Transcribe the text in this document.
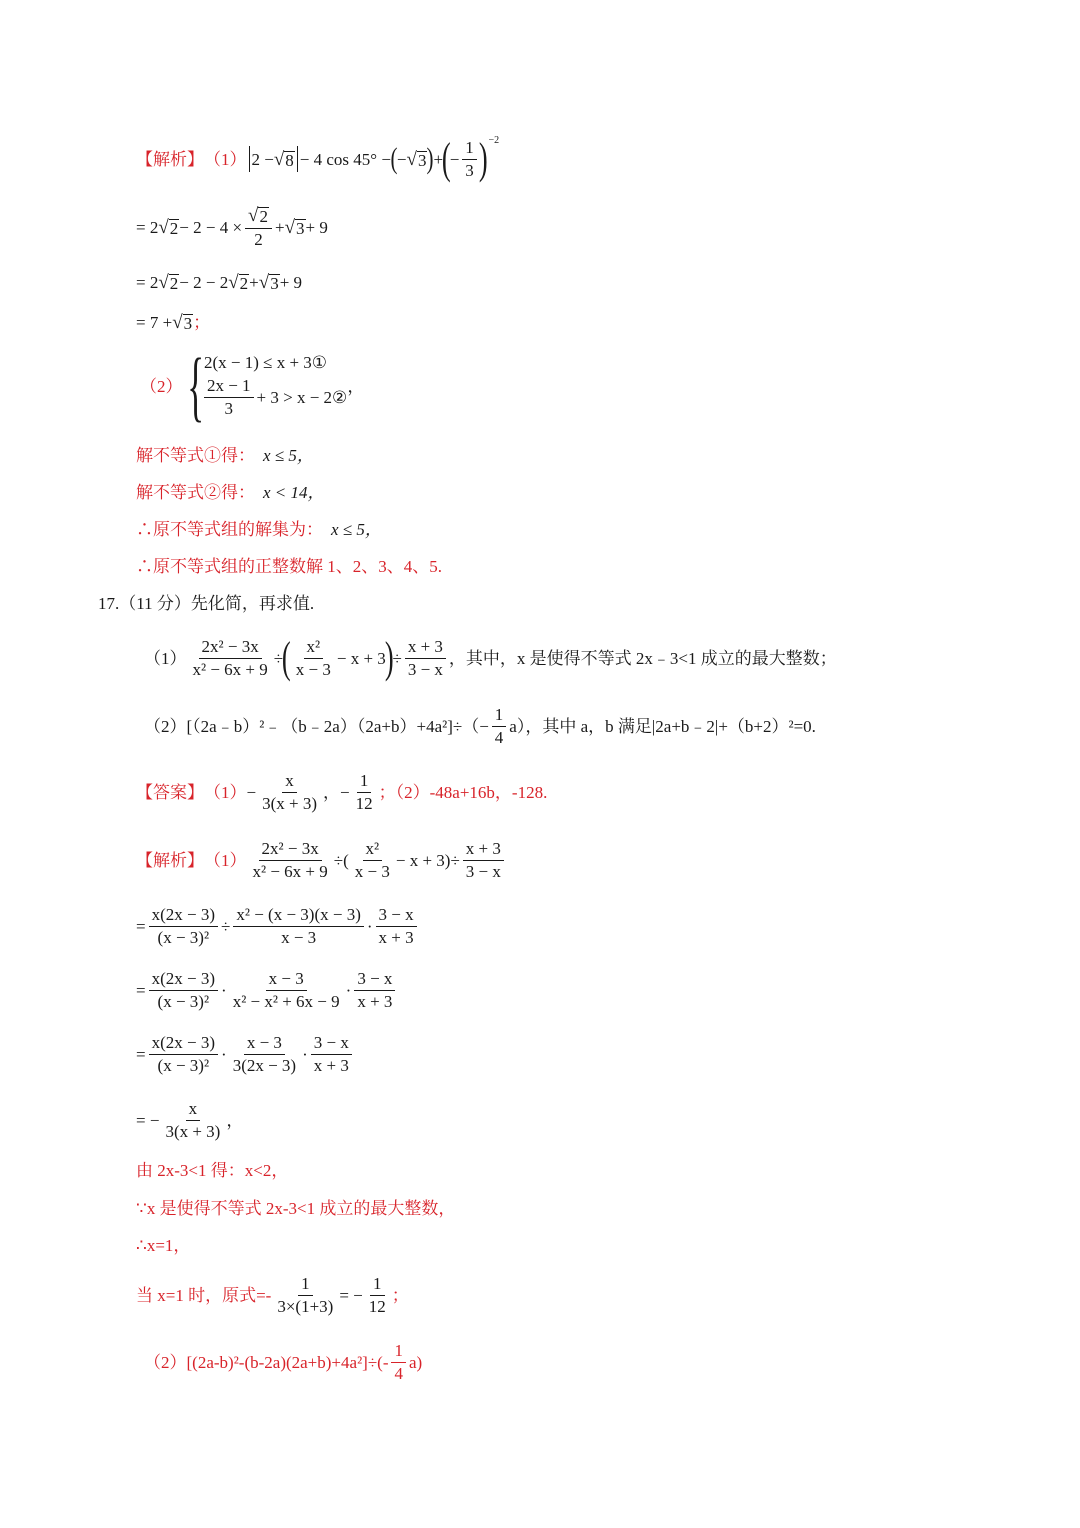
【解析】 （1） 2 − √ 8 − 4 cos 45° − ( − √ 3 ) +
(
− $\frac{1}{3}$ ) −2
= 2 √ $2 - 2 - 4 \times \frac{√ 2}{2}$ + √ 3 + 9
= 2 √ 2 − 2 − 2 √ 2 + √ 3 + 9
= 7 + √ 3 ；
（2） { 2(x − 1) ≤ x + 3①
$\frac{2x - 1}{3} + 3 > x$ − 2②
，
解不等式①得： x ≤ 5，
解不等式②得： x < 14，
∴原不等式组的解集为： x ≤ 5，
∴原不等式组的正整数解 1、2、3、4、5.
17.（11 分）先化简，再求值.
$(1) \frac{\text{2x² − 3x}}{\text{x² − 6x + 9}}$ ÷
( $\frac{\text{x²}}{x - 3} - x + 3$
)
÷ $\frac{x + 3}{3 - x}$ ，其中，x 是使得不等式 2x﹣3<1 成立的最大整数；
（2） [（2a﹣b）²﹣（b﹣2a）（2a+b）+4a²]÷（− $\frac{1}{4} a$），其中 a，b 满足|2a+b﹣2|+（b+2）²=0.
【答案】 $(1) - \frac{x}{3(x + 3)}$ ， − $\frac{1}{12}$ ；（2）-48a+16b，-128.
【解析】 $(1) \frac{\text{2x² − 3x}}{\text{x² − 6x + 9}}$ ÷( $\frac{\text{x²}}{x - 3} - x + 3)\div \frac{x + 3}{3 - x}$
= $\frac{x(2x - 3)}{\text{(x − 3)²}} \div \frac{\text{x² − (x − 3)(x − 3)}}{x - 3} \cdot \frac{3 - x}{x + 3}$
= $\frac{x(2x - 3)}{\text{(x − 3)²}} \cdot \frac{x - 3}{\text{x² − x² + 6x − 9}} \cdot \frac{3 - x}{x + 3}$
= $\frac{x(2x - 3)}{\text{(x − 3)²}} \cdot \frac{x - 3}{3(2x - 3)} \cdot \frac{3 - x}{x + 3}$
= − $\frac{x}{3(x + 3)}$ ，
由 2x-3<1 得：x<2，
∵x 是使得不等式 2x-3<1 成立的最大整数，
∴x=1，
当 x=1 时，原式=- $\frac{1}{3\times(1+3)}$ = − $\frac{1}{12}$ ；
（2） $[(2a-b)^2-(b-2a)(2a+b)+4a^2]\div(- \frac{1}{4} a)$
